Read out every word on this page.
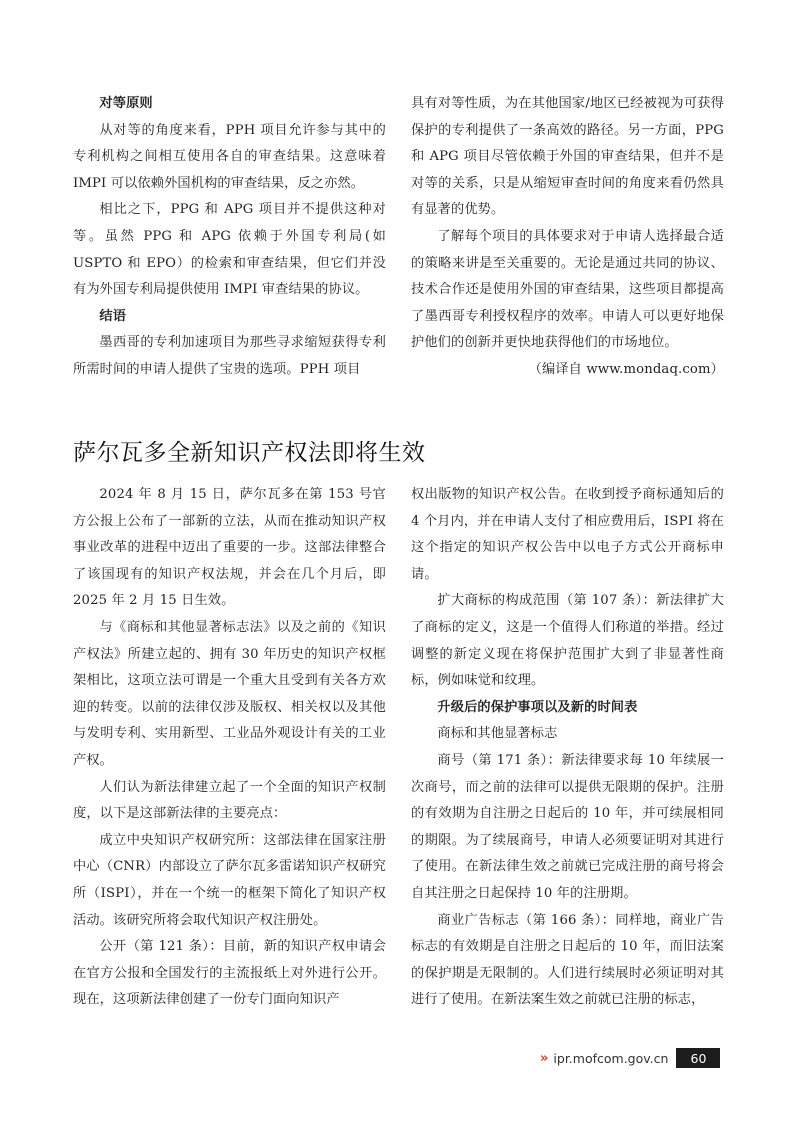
对等原则

从对等的角度来看，PPH 项目允许参与其中的专利机构之间相互使用各自的审查结果。这意味着 IMPI 可以依赖外国机构的审查结果，反之亦然。

相比之下，PPG 和 APG 项目并不提供这种对等。虽然 PPG 和 APG 依赖于外国专利局(如 USPTO 和 EPO）的检索和审查结果，但它们并没有为外国专利局提供使用 IMPI 审查结果的协议。

结语

墨西哥的专利加速项目为那些寻求缩短获得专利所需时间的申请人提供了宝贵的选项。PPH 项目

具有对等性质，为在其他国家/地区已经被视为可获得保护的专利提供了一条高效的路径。另一方面，PPG 和 APG 项目尽管依赖于外国的审查结果，但并不是对等的关系，只是从缩短审查时间的角度来看仍然具有显著的优势。

了解每个项目的具体要求对于申请人选择最合适的策略来讲是至关重要的。无论是通过共同的协议、技术合作还是使用外国的审查结果，这些项目都提高了墨西哥专利授权程序的效率。申请人可以更好地保护他们的创新并更快地获得他们的市场地位。
（编译自 www.mondaq.com）

萨尔瓦多全新知识产权法即将生效

2024 年 8 月 15 日，萨尔瓦多在第 153 号官方公报上公布了一部新的立法，从而在推动知识产权事业改革的进程中迈出了重要的一步。这部法律整合了该国现有的知识产权法规，并会在几个月后，即 2025 年 2 月 15 日生效。

与《商标和其他显著标志法》以及之前的《知识产权法》所建立起的、拥有 30 年历史的知识产权框架相比，这项立法可谓是一个重大且受到有关各方欢迎的转变。以前的法律仅涉及版权、相关权以及其他与发明专利、实用新型、工业品外观设计有关的工业产权。

人们认为新法律建立起了一个全面的知识产权制度，以下是这部新法律的主要亮点：

成立中央知识产权研究所：这部法律在国家注册中心（CNR）内部设立了萨尔瓦多雷诺知识产权研究所（ISPI），并在一个统一的框架下简化了知识产权活动。该研究所将会取代知识产权注册处。

公开（第 121 条）：目前，新的知识产权申请会在官方公报和全国发行的主流报纸上对外进行公开。现在，这项新法律创建了一份专门面向知识产

权出版物的知识产权公告。在收到授予商标通知后的 4 个月内，并在申请人支付了相应费用后，ISPI 将在这个指定的知识产权公告中以电子方式公开商标申请。

扩大商标的构成范围（第 107 条）：新法律扩大了商标的定义，这是一个值得人们称道的举措。经过调整的新定义现在将保护范围扩大到了非显著性商标，例如味觉和纹理。

升级后的保护事项以及新的时间表

商标和其他显著标志

商号（第 171 条）：新法律要求每 10 年续展一次商号，而之前的法律可以提供无限期的保护。注册的有效期为自注册之日起后的 10 年，并可续展相同的期限。为了续展商号，申请人必须要证明对其进行了使用。在新法律生效之前就已完成注册的商号将会自其注册之日起保持 10 年的注册期。

商业广告标志（第 166 条）：同样地，商业广告标志的有效期是自注册之日起后的 10 年，而旧法案的保护期是无限制的。人们进行续展时必须证明对其进行了使用。在新法案生效之前就已注册的标志，

» ipr.mofcom.gov.cn	60
